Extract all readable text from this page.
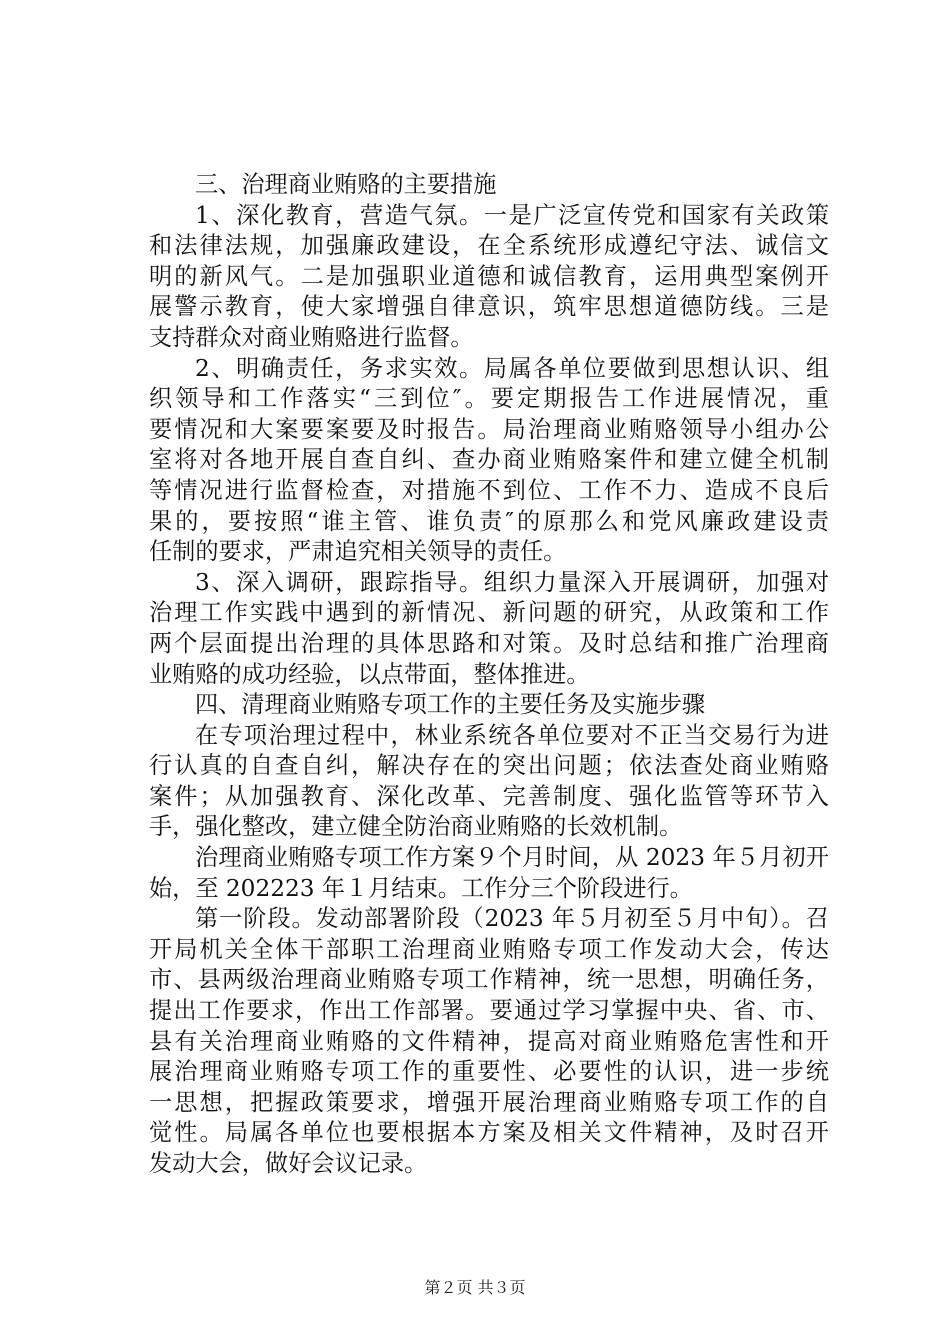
三、治理商业贿赂的主要措施
1、深化教育，营造气氛。一是广泛宣传党和国家有关政策
和法律法规，加强廉政建设，在全系统形成遵纪守法、诚信文
明的新风气。二是加强职业道德和诚信教育，运用典型案例开
展警示教育，使大家增强自律意识，筑牢思想道德防线。三是
支持群众对商业贿赂进行监督。
2、明确责任，务求实效。局属各单位要做到思想认识、组
织领导和工作落实“三到位″。要定期报告工作进展情况，重
要情况和大案要案要及时报告。局治理商业贿赂领导小组办公
室将对各地开展自查自纠、查办商业贿赂案件和建立健全机制
等情况进行监督检查，对措施不到位、工作不力、造成不良后
果的，要按照“谁主管、谁负责″的原那么和党风廉政建设责
任制的要求，严肃追究相关领导的责任。
3、深入调研，跟踪指导。组织力量深入开展调研，加强对
治理工作实践中遇到的新情况、新问题的研究，从政策和工作
两个层面提出治理的具体思路和对策。及时总结和推广治理商
业贿赂的成功经验，以点带面，整体推进。
四、清理商业贿赂专项工作的主要任务及实施步骤
在专项治理过程中，林业系统各单位要对不正当交易行为进
行认真的自查自纠，解决存在的突出问题；依法查处商业贿赂
案件；从加强教育、深化改革、完善制度、强化监管等环节入
手，强化整改，建立健全防治商业贿赂的长效机制。
治理商业贿赂专项工作方案９个月时间，从 2023 年５月初开
始，至 202223 年１月结束。工作分三个阶段进行。
第一阶段。发动部署阶段（2023 年５月初至５月中旬）。召
开局机关全体干部职工治理商业贿赂专项工作发动大会，传达
市、县两级治理商业贿赂专项工作精神，统一思想，明确任务，
提出工作要求，作出工作部署。要通过学习掌握中央、省、市、
县有关治理商业贿赂的文件精神，提高对商业贿赂危害性和开
展治理商业贿赂专项工作的重要性、必要性的认识，进一步统
一思想，把握政策要求，增强开展治理商业贿赂专项工作的自
觉性。局属各单位也要根据本方案及相关文件精神，及时召开
发动大会，做好会议记录。
第２页 共３页
